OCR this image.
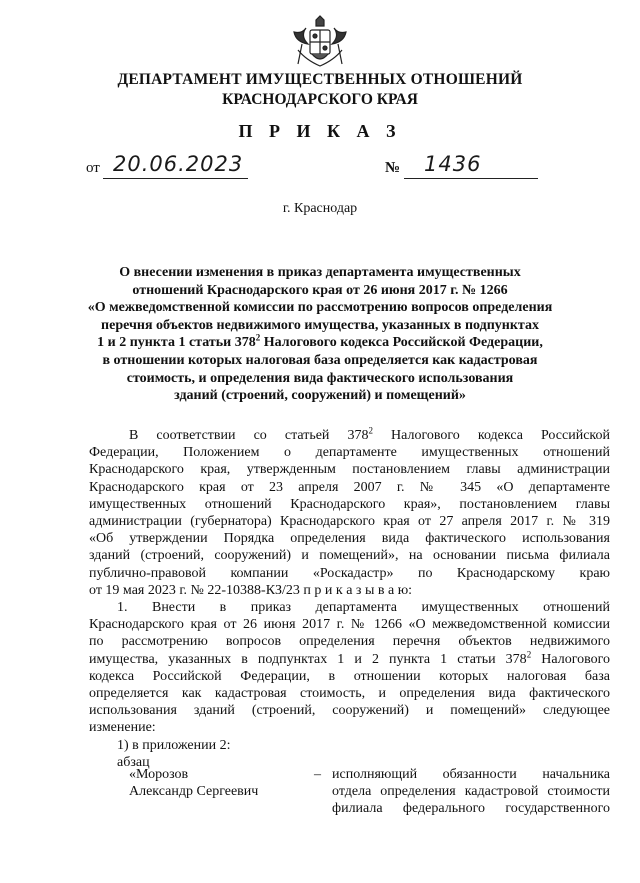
ДЕПАРТАМЕНТ ИМУЩЕСТВЕННЫХ ОТНОШЕНИЙ
КРАСНОДАРСКОГО КРАЯ
П Р И К А З
от 20.06.2023	№ 1436
г. Краснодар
О внесении изменения в приказ департамента имущественных
отношений Краснодарского края от 26 июня 2017 г. № 1266
«О межведомственной комиссии по рассмотрению вопросов определения
перечня объектов недвижимого имущества, указанных в подпунктах
1 и 2 пункта 1 статьи $378^2$ Налогового кодекса Российской Федерации,
в отношении которых налоговая база определяется как кадастровая
стоимость, и определения вида фактического использования
зданий (строений, сооружений) и помещений»
В соответствии со статьей $378^2$ Налогового кодекса Российской
Федерации, Положением о департаменте имущественных отношений
Краснодарского края, утвержденным постановлением главы администрации
Краснодарского края от 23 апреля 2007 г. № 345 «О департаменте
имущественных отношений Краснодарского края», постановлением главы
администрации (губернатора) Краснодарского края от 27 апреля 2017 г. № 319
«Об утверждении Порядка определения вида фактического использования
зданий (строений, сооружений) и помещений», на основании письма филиала
публично-правовой компании «Роскадастр» по Краснодарскому краю
от 19 мая 2023 г. № 22-10388-КЗ/23 п р и к а з ы в а ю:
1. Внести в приказ департамента имущественных отношений
Краснодарского края от 26 июня 2017 г. № 1266 «О межведомственной комиссии
по рассмотрению вопросов определения перечня объектов недвижимого
имущества, указанных в подпунктах 1 и 2 пункта 1 статьи $378^2$ Налогового
кодекса Российской Федерации, в отношении которых налоговая база
определяется как кадастровая стоимость, и определения вида фактического
использования зданий (строений, сооружений) и помещений» следующее
изменение:
1) в приложении 2:
абзац
«Морозов
Александр Сергеевич
– исполняющий обязанности начальника
отдела определения кадастровой стоимости
филиала федерального государственного
